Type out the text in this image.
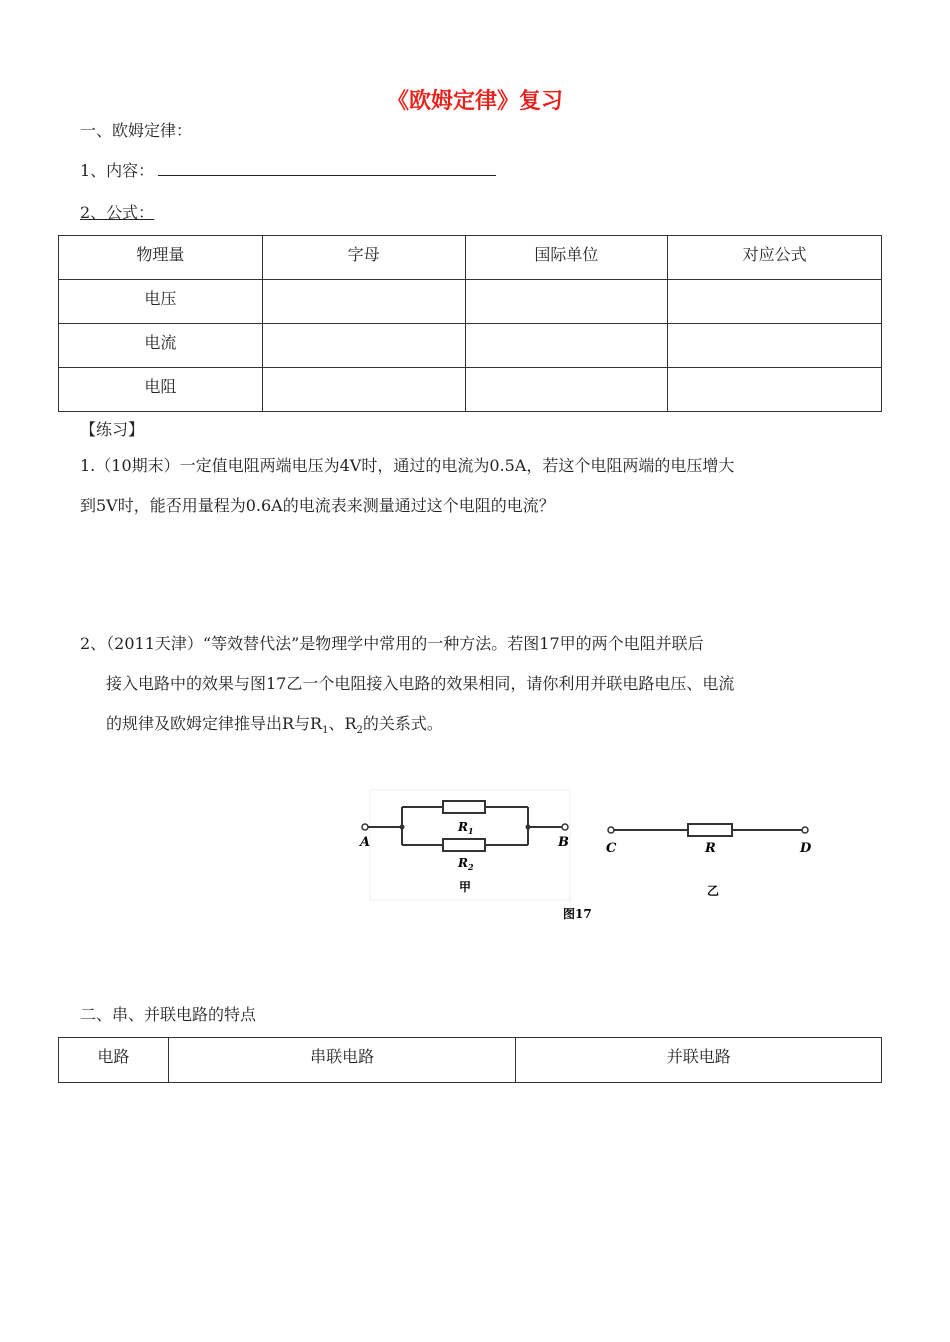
《欧姆定律》复习
一、欧姆定律：
1、内容：
2、公式：
物理量	字母	国际单位	对应公式
电压			
电流			
电阻			
【练习】
1.（10期末）一定值电阻两端电压为4V时，通过的电流为0.5A，若这个电阻两端的电压增大
到5V时，能否用量程为0.6A的电流表来测量通过这个电阻的电流？
2、（2011天津）“等效替代法”是物理学中常用的一种方法。若图17甲的两个电阻并联后
接入电路中的效果与图17乙一个电阻接入电路的效果相同，请你利用并联电路电压、电流
的规律及欧姆定律推导出R与$R_1$、$R_2$的关系式。
$R_1$
$R_2$
A	B
甲
C	R	D
乙
图17
二、串、并联电路的特点
电路	串联电路	并联电路
